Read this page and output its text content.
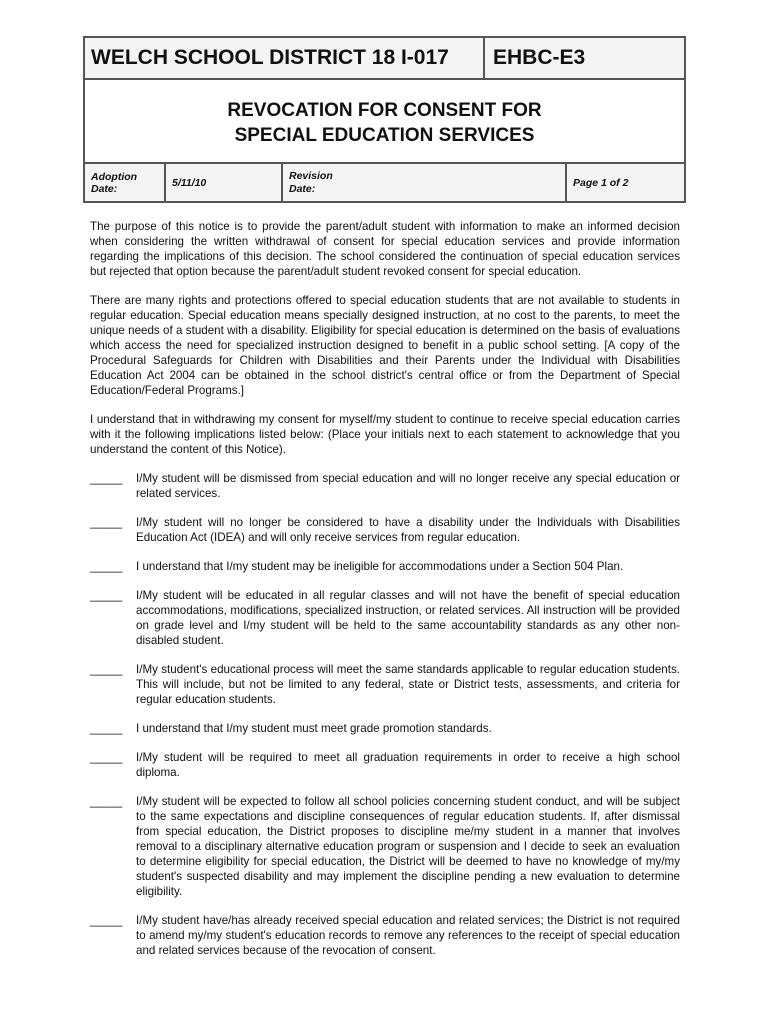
WELCH SCHOOL DISTRICT 18 I-017	EHBC-E3
REVOCATION FOR CONSENT FOR
SPECIAL EDUCATION SERVICES
Adoption Date:	5/11/10
Revision Date:	Page 1 of 2

The purpose of this notice is to provide the parent/adult student with information to make an informed decision when considering the written withdrawal of consent for special education services and provide information regarding the implications of this decision. The school considered the continuation of special education services but rejected that option because the parent/adult student revoked consent for special education.

There are many rights and protections offered to special education students that are not available to students in regular education. Special education means specially designed instruction, at no cost to the parents, to meet the unique needs of a student with a disability. Eligibility for special education is determined on the basis of evaluations which access the need for specialized instruction designed to benefit in a public school setting. [A copy of the Procedural Safeguards for Children with Disabilities and their Parents under the Individual with Disabilities Education Act 2004 can be obtained in the school district's central office or from the Department of Special Education/Federal Programs.]

I understand that in withdrawing my consent for myself/my student to continue to receive special education carries with it the following implications listed below: (Place your initials next to each statement to acknowledge that you understand the content of this Notice).

_____	I/My student will be dismissed from special education and will no longer receive any special education or related services.
_____	I/My student will no longer be considered to have a disability under the Individuals with Disabilities Education Act (IDEA) and will only receive services from regular education.
_____	I understand that I/my student may be ineligible for accommodations under a Section 504 Plan.
_____	I/My student will be educated in all regular classes and will not have the benefit of special education accommodations, modifications, specialized instruction, or related services. All instruction will be provided on grade level and I/my student will be held to the same accountability standards as any other non-disabled student.
_____	I/My student's educational process will meet the same standards applicable to regular education students. This will include, but not be limited to any federal, state or District tests, assessments, and criteria for regular education students.
_____	I understand that I/my student must meet grade promotion standards.
_____	I/My student will be required to meet all graduation requirements in order to receive a high school diploma.
_____	I/My student will be expected to follow all school policies concerning student conduct, and will be subject to the same expectations and discipline consequences of regular education students. If, after dismissal from special education, the District proposes to discipline me/my student in a manner that involves removal to a disciplinary alternative education program or suspension and I decide to seek an evaluation to determine eligibility for special education, the District will be deemed to have no knowledge of my/my student's suspected disability and may implement the discipline pending a new evaluation to determine eligibility.
_____	I/My student have/has already received special education and related services; the District is not required to amend my/my student's education records to remove any references to the receipt of special education and related services because of the revocation of consent.
